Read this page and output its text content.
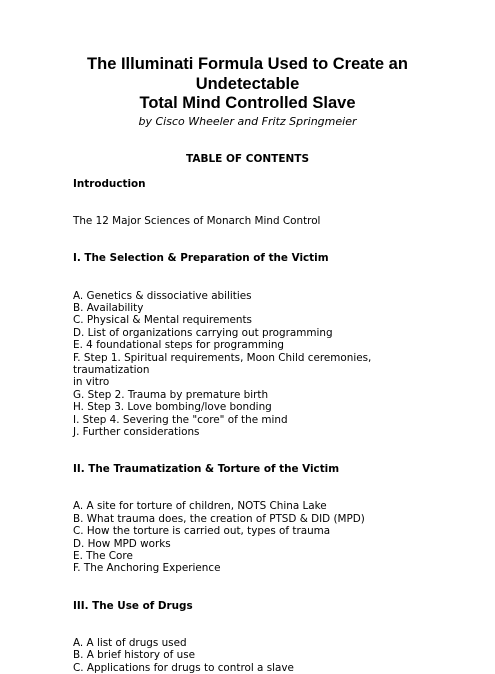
The Illuminati Formula Used to Create an

Undetectable

Total Mind Controlled Slave

by Cisco Wheeler and Fritz Springmeier
TABLE OF CONTENTS

Introduction

The 12 Major Sciences of Monarch Mind Control

I. The Selection & Preparation of the Victim

A. Genetics & dissociative abilities

B. Availability

C. Physical & Mental requirements

D. List of organizations carrying out programming

E. 4 foundational steps for programming

F. Step 1. Spiritual requirements, Moon Child ceremonies, traumatization

in vitro

G. Step 2. Trauma by premature birth

H. Step 3. Love bombing/love bonding

I. Step 4. Severing the "core" of the mind

J. Further considerations

II. The Traumatization & Torture of the Victim

A. A site for torture of children, NOTS China Lake

B. What trauma does, the creation of PTSD & DID (MPD)

C. How the torture is carried out, types of trauma

D. How MPD works

E. The Core

F. The Anchoring Experience

III. The Use of Drugs

A. A list of drugs used

B. A brief history of use

C. Applications for drugs to control a slave
